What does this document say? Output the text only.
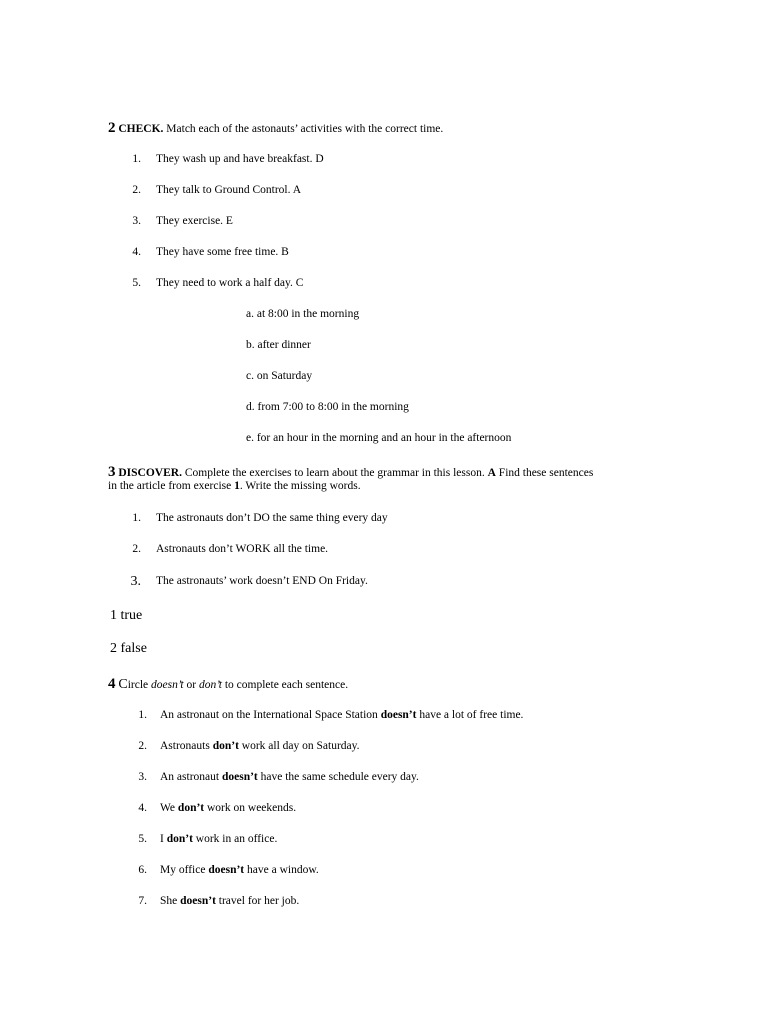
2 CHECK. Match each of the astonauts’ activities with the correct time.
1. They wash up and have breakfast. D
2. They talk to Ground Control. A
3. They exercise. E
4. They have some free time. B
5. They need to work a half day. C
a. at 8:00 in the morning
b. after dinner
c. on Saturday
d. from 7:00 to 8:00 in the morning
e. for an hour in the morning and an hour in the afternoon
3 DISCOVER. Complete the exercises to learn about the grammar in this lesson. A Find these sentences
in the article from exercise 1. Write the missing words.
1. The astronauts don’t DO the same thing every day
2. Astronauts don’t WORK all the time.
3. The astronauts’ work doesn’t END On Friday.
1 true
2 false
4 Circle doesn’t or don’t to complete each sentence.
1. An astronaut on the International Space Station doesn’t have a lot of free time.
2. Astronauts don’t work all day on Saturday.
3. An astronaut doesn’t have the same schedule every day.
4. We don’t work on weekends.
5. I don’t work in an office.
6. My office doesn’t have a window.
7. She doesn’t travel for her job.
